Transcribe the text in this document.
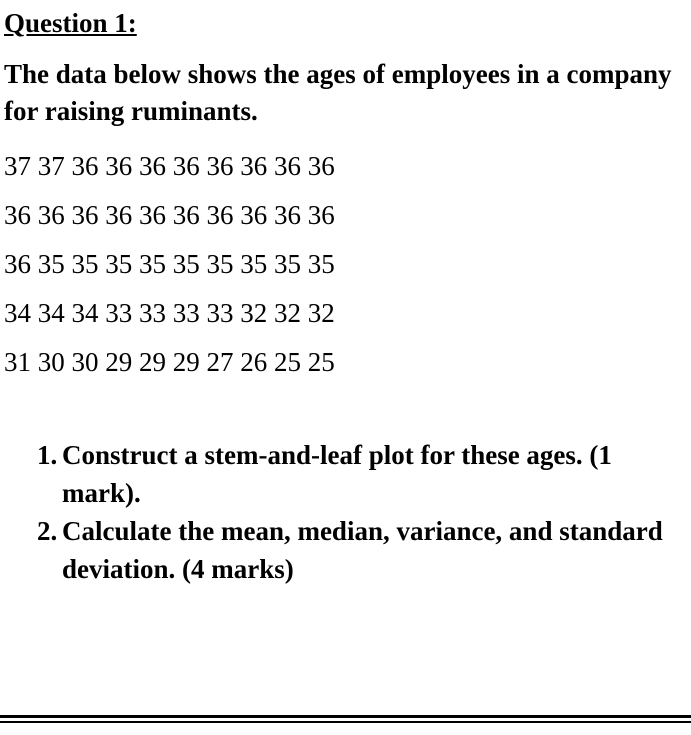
Question 1:
The data below shows the ages of employees in a company for raising ruminants.
37 37 36 36 36 36 36 36 36 36
36 36 36 36 36 36 36 36 36 36
36 35 35 35 35 35 35 35 35 35
34 34 34 33 33 33 33 32 32 32
31 30 30 29 29 29 27 26 25 25
1. Construct a stem-and-leaf plot for these ages. (1 mark).
2. Calculate the mean, median, variance, and standard deviation. (4 marks)
